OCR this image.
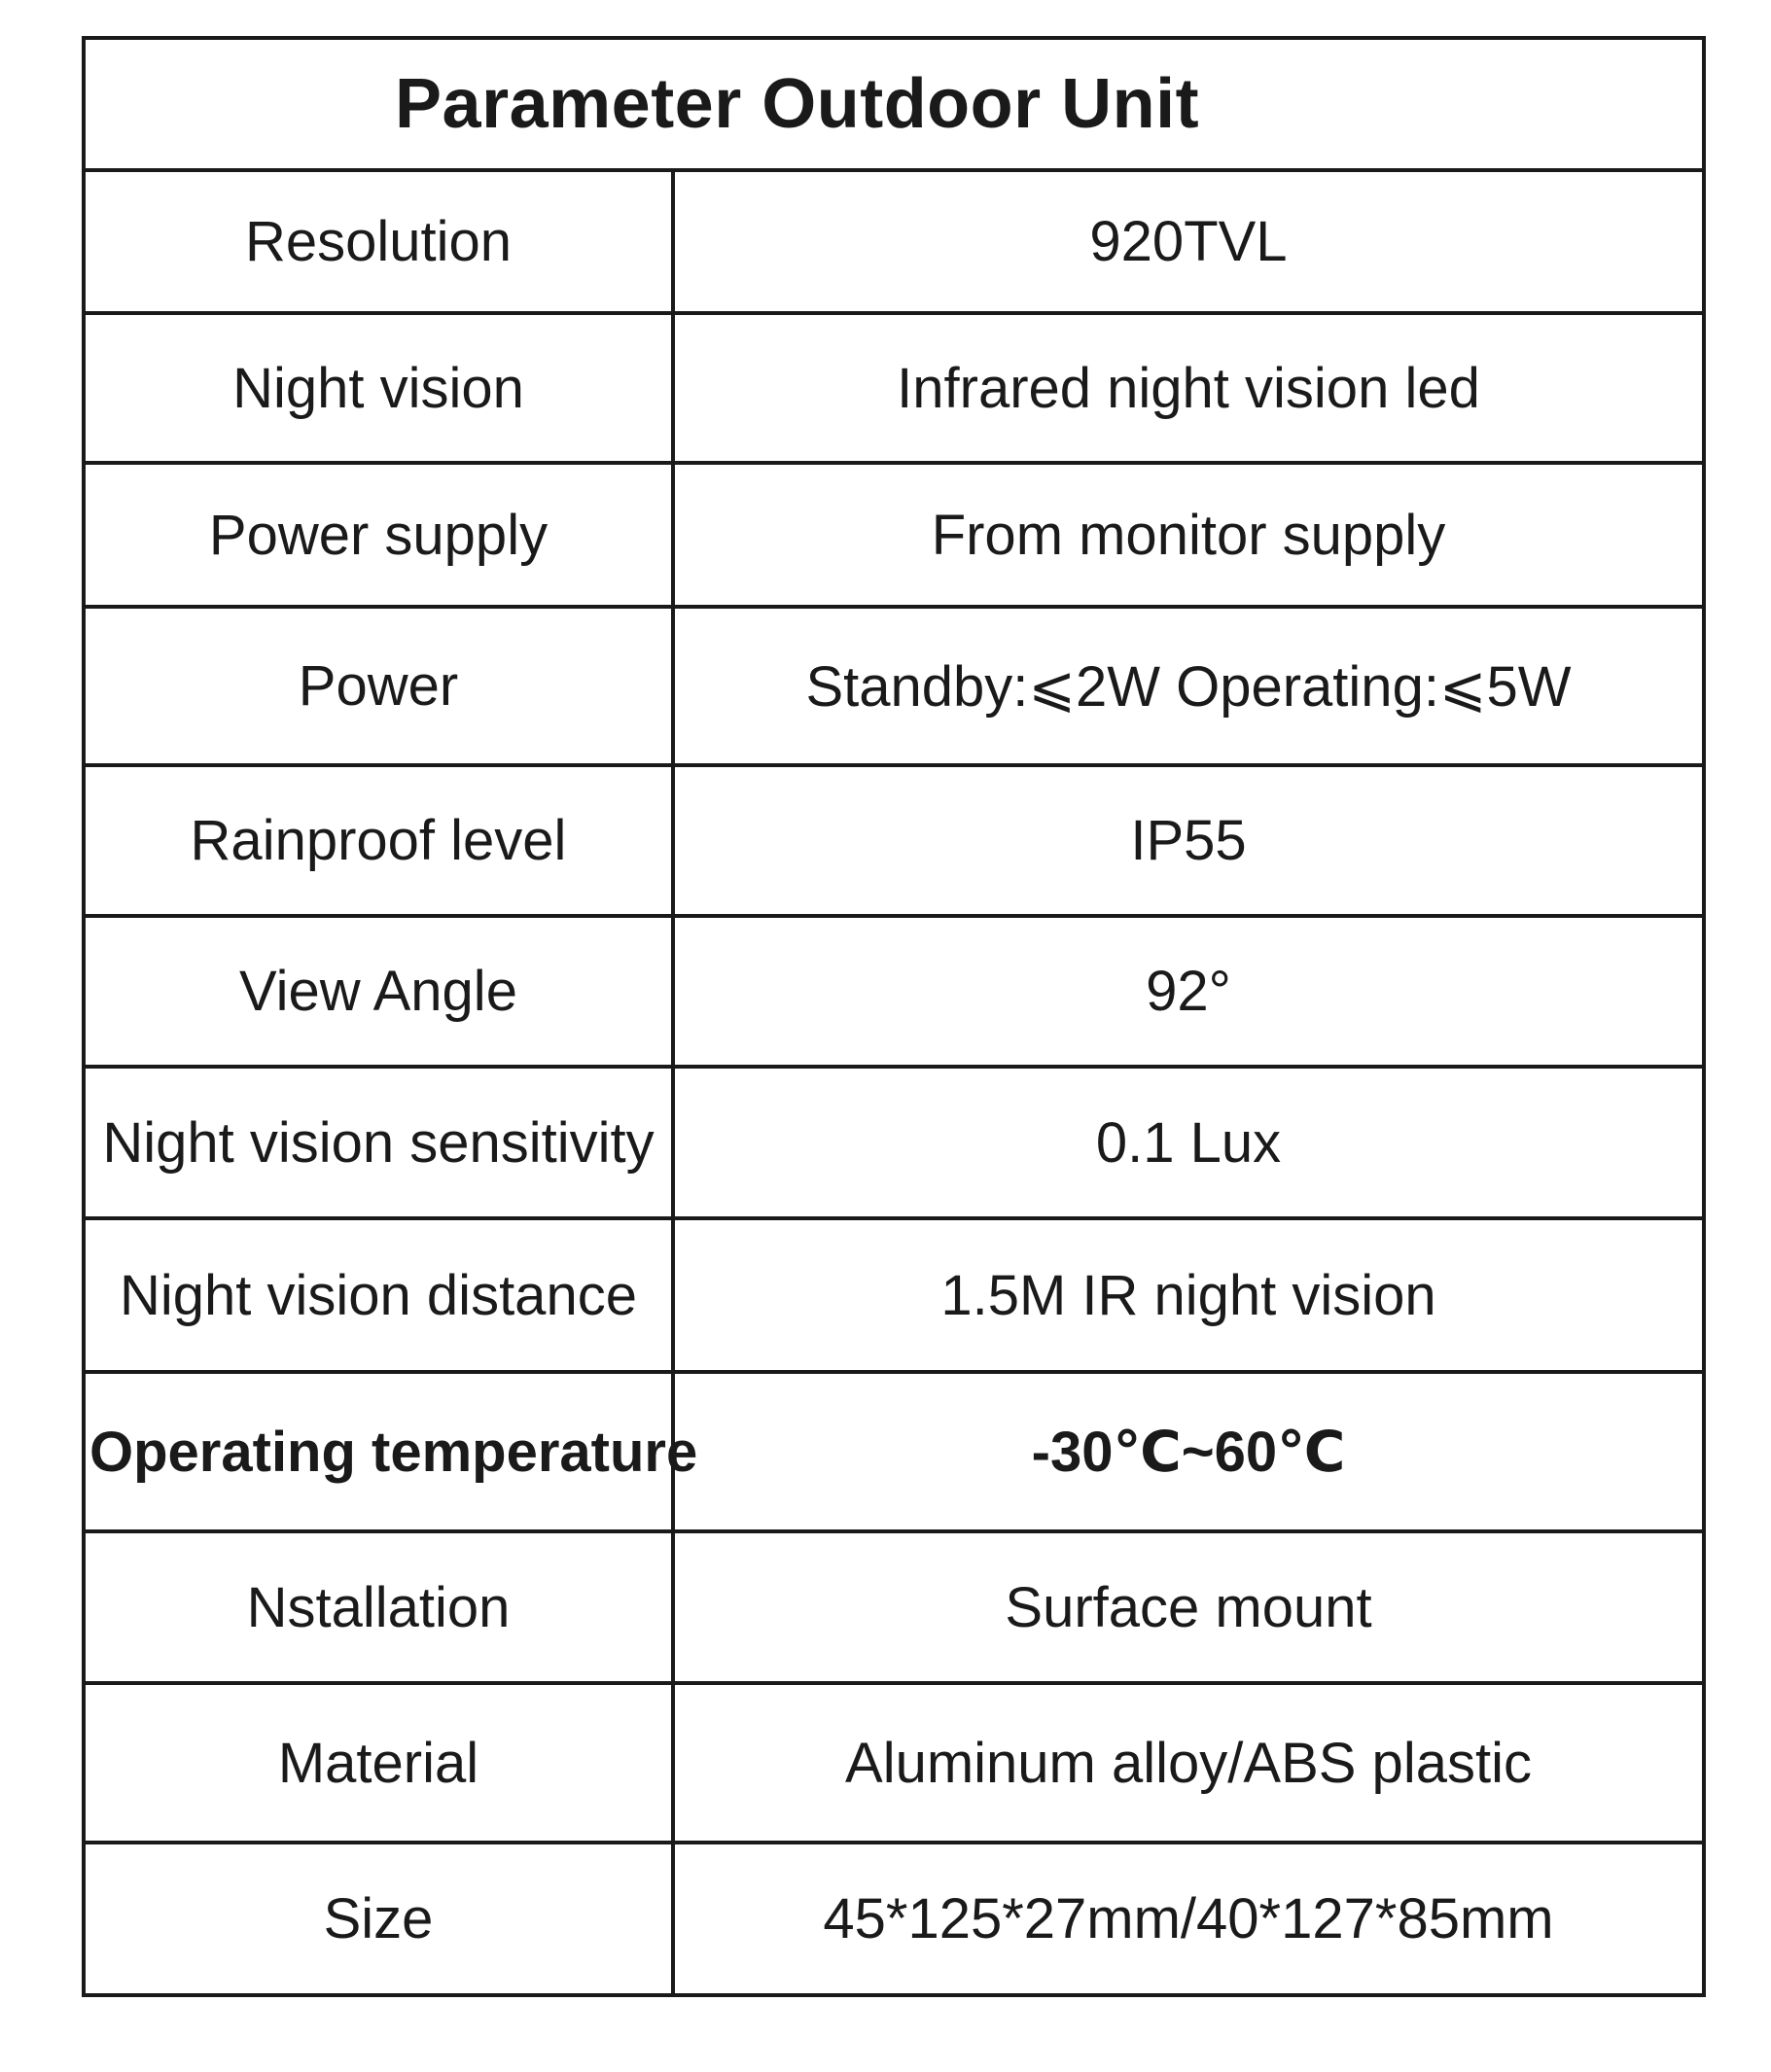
Parameter Outdoor Unit	
Resolution	920TVL
Night vision	Infrared night vision led
Power supply	From monitor supply
Power	Standby:⩽2W Operating:⩽5W
Rainproof level	IP55
View Angle	92°
Night vision sensitivity	0.1 Lux
Night vision distance	1.5M IR night vision
Operating temperature	-30℃~60℃
Nstallation	Surface mount
Material	Aluminum alloy/ABS plastic
Size	45*125*27mm/40*127*85mm
